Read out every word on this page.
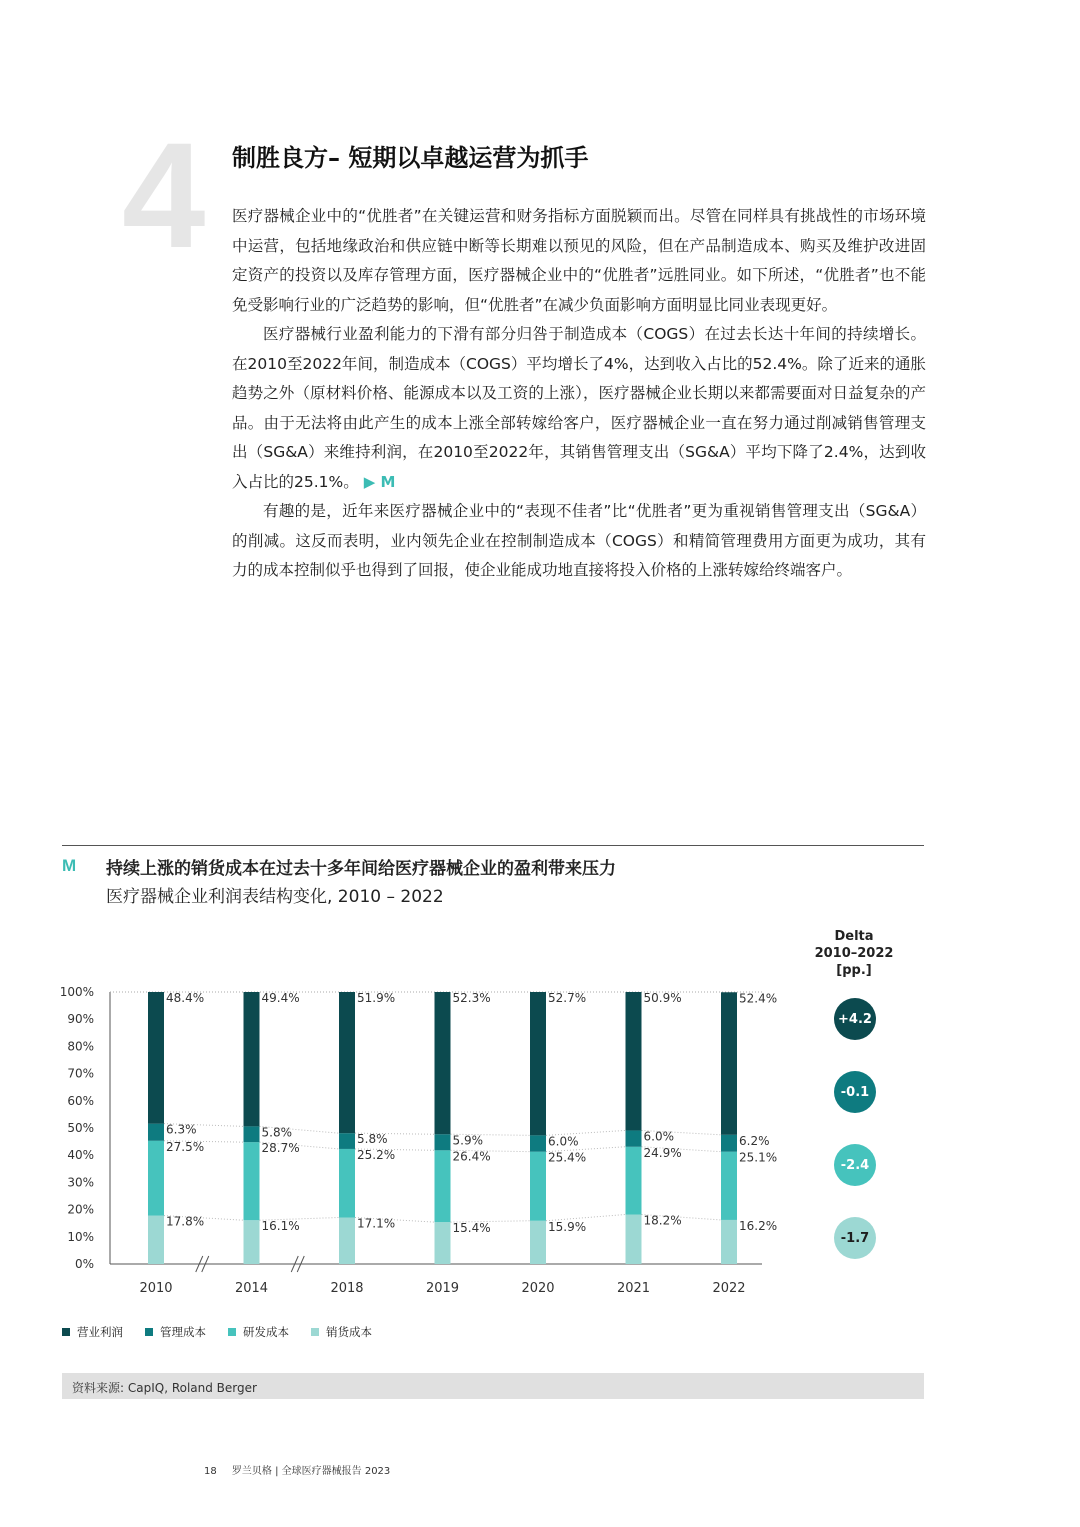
4 制胜良方– 短期以卓越运营为抓手

医疗器械企业中的“优胜者”在关键运营和财务指标方面脱颖而出。尽管在同样具有挑战性的市场环境中运营，包括地缘政治和供应链中断等长期难以预见的风险，但在产品制造成本、购买及维护改进固定资产的投资以及库存管理方面，医疗器械企业中的“优胜者”远胜同业。如下所述，“优胜者”也不能免受影响行业的广泛趋势的影响，但“优胜者”在减少负面影响方面明显比同业表现更好。

医疗器械行业盈利能力的下滑有部分归咎于制造成本（COGS）在过去长达十年间的持续增长。在2010至2022年间，制造成本（COGS）平均增长了4%，达到收入占比的52.4%。除了近来的通胀趋势之外（原材料价格、能源成本以及工资的上涨），医疗器械企业长期以来都需要面对日益复杂的产品。由于无法将由此产生的成本上涨全部转嫁给客户，医疗器械企业一直在努力通过削减销售管理支出（SG&A）来维持利润，在2010至2022年，其销售管理支出（SG&A）平均下降了2.4%，达到收入占比的25.1%。 ▶ M

有趣的是，近年来医疗器械企业中的“表现不佳者”比“优胜者”更为重视销售管理支出（SG&A）的削减。这反而表明，业内领先企业在控制制造成本（COGS）和精简管理费用方面更为成功，其有力的成本控制似乎也得到了回报，使企业能成功地直接将投入价格的上涨转嫁给终端客户。

M 持续上涨的销货成本在过去十多年间给医疗器械企业的盈利带来压力
医疗器械企业利润表结构变化, 2010 – 2022
Delta
2010–2022
[pp.]
+4.2
-0.1
-2.4
-1.7
0%
10%
20%
30%
40%
50%
60%
70%
80%
90%
100%
17.8%
27.5%
6.3%
48.4%
2010
16.1%
28.7%
5.8%
49.4%
2014
17.1%
25.2%
5.8%
51.9%
2018
15.4%
26.4%
5.9%
52.3%
2019
15.9%
25.4%
6.0%
52.7%
2020
18.2%
24.9%
6.0%
50.9%
2021
16.2%
25.1%
6.2%
52.4%
2022
营业利润	管理成本	研发成本	销货成本
资料来源: CapIQ, Roland Berger
18 罗兰贝格 | 全球医疗器械报告 2023
